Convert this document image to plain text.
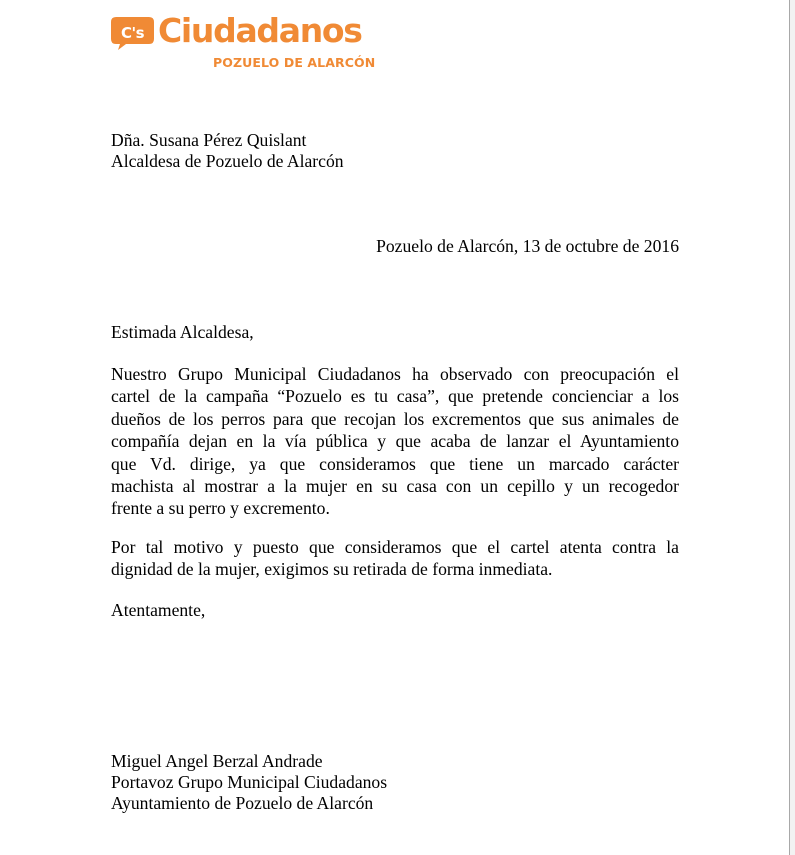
C's Ciudadanos
POZUELO DE ALARCÓN
Dña. Susana Pérez Quislant
Alcaldesa de Pozuelo de Alarcón
Pozuelo de Alarcón, 13 de octubre de 2016
Estimada Alcaldesa,
Nuestro Grupo Municipal Ciudadanos ha observado con preocupación el
cartel de la campaña “Pozuelo es tu casa”, que pretende concienciar a los
dueños de los perros para que recojan los excrementos que sus animales de
compañía dejan en la vía pública y que acaba de lanzar el Ayuntamiento
que Vd. dirige, ya que consideramos que tiene un marcado carácter
machista al mostrar a la mujer en su casa con un cepillo y un recogedor
frente a su perro y excremento.
Por tal motivo y puesto que consideramos que el cartel atenta contra la
dignidad de la mujer, exigimos su retirada de forma inmediata.
Atentamente,
Miguel Angel Berzal Andrade
Portavoz Grupo Municipal Ciudadanos
Ayuntamiento de Pozuelo de Alarcón
